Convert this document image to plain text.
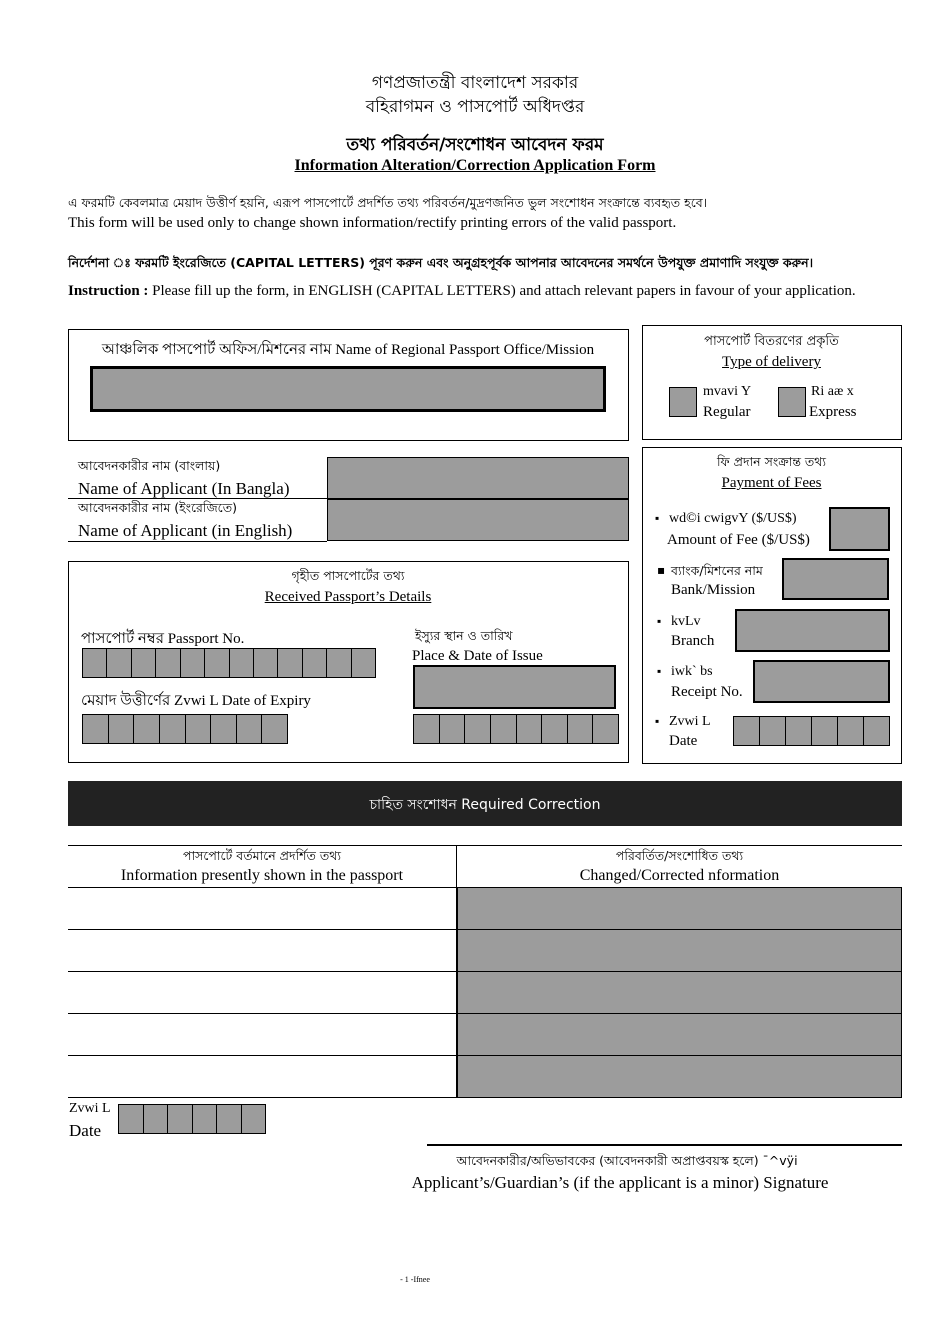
গণপ্রজাতন্ত্রী বাংলাদেশ সরকার
বহিরাগমন ও পাসপোর্ট অধিদপ্তর
তথ্য পরিবর্তন/সংশোধন আবেদন ফরম
Information Alteration/Correction Application Form
এ ফরমটি কেবলমাত্র মেয়াদ উত্তীর্ণ হয়নি, এরূপ পাসপোর্টে প্রদর্শিত তথ্য পরিবর্তন/মুদ্রণজনিত ভুল সংশোধন সংক্রান্তে ব্যবহৃত হবে।
This form will be used only to change shown information/rectify printing errors of the valid passport.
নির্দেশনা ঃ ফরমটি ইংরেজিতে (CAPITAL LETTERS) পূরণ করুন এবং অনুগ্রহপূর্বক আপনার আবেদনের সমর্থনে উপযুক্ত প্রমাণাদি সংযুক্ত করুন।
Instruction : Please fill up the form, in ENGLISH (CAPITAL LETTERS) and attach relevant papers in favour of your application.
আঞ্চলিক পাসপোর্ট অফিস/মিশনের নাম Name of Regional Passport Office/Mission
পাসপোর্ট বিতরণের প্রকৃতি
Type of delivery
mvavi Y
Regular
Ri aæ x
Express
আবেদনকারীর নাম (বাংলায়)
Name of Applicant (In Bangla)
আবেদনকারীর নাম (ইংরেজিতে)
Name of Applicant (in English)
গৃহীত পাসপোর্টের তথ্য
Received Passport’s Details
পাসপোর্ট নম্বর Passport No.	ইস্যুর স্থান ও তারিখ
Place & Date of Issue
মেয়াদ উত্তীর্ণের Zvwi L Date of Expiry
ফি প্রদান সংক্রান্ত তথ্য
Payment of Fees
▪ wd©i cwigvY ($/US$)
Amount of Fee ($/US$)
▪ ব্যাংক/মিশনের নাম
Bank/Mission
▪ kvLv
Branch
▪ iwk` bs
Receipt No.
▪ Zvwi L
Date
চাহিত সংশোধন Required Correction
পাসপোর্টে বর্তমানে প্রদর্শিত তথ্য
Information presently shown in the passport
পরিবর্তিত/সংশোধিত তথ্য
Changed/Corrected nformation
Zvwi L
Date
আবেদনকারীর/অভিভাবকের (আবেদনকারী অপ্রাপ্তবয়স্ক হলে) ¯^vÿi
Applicant’s/Guardian’s (if the applicant is a minor) Signature
- 1 -Ifnee
